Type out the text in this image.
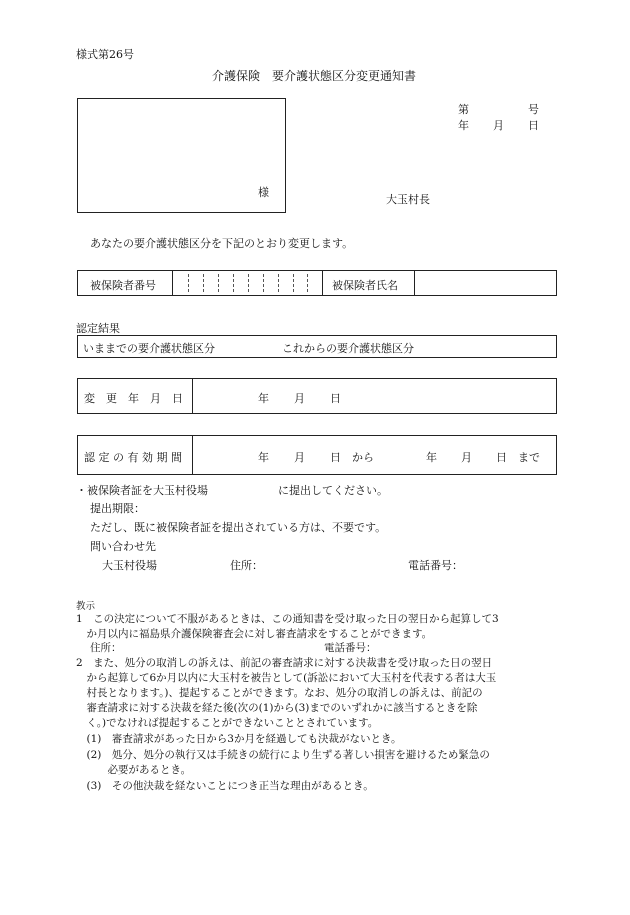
様式第26号
介護保険　要介護状態区分変更通知書
第	号
年 月 日
様
大玉村長
あなたの要介護状態区分を下記のとおり変更します。
被保険者番号	被保険者氏名
認定結果
いままでの要介護状態区分	これからの要介護状態区分
変　更　年　月　日	年 月 日
認 定 の 有 効 期 間	年 月 日　から	年 月 日　まで
・被保険者証を大玉村役場	に提出してください。
提出期限：
ただし、既に被保険者証を提出されている方は、不要です。
問い合わせ先
大玉村役場	住所：	電話番号：
教示
1　この決定について不服があるときは、この通知書を受け取った日の翌日から起算して3
　か月以内に福島県介護保険審査会に対し審査請求をすることができます。
住所：	電話番号：
2　また、処分の取消しの訴えは、前記の審査請求に対する決裁書を受け取った日の翌日
　から起算して6か月以内に大玉村を被告として(訴訟において大玉村を代表する者は大玉
　村長となります。)、提起することができます。なお、処分の取消しの訴えは、前記の
　審査請求に対する決裁を経た後(次の(1)から(3)までのいずれかに該当するときを除
　く。)でなければ提起することができないこととされています。
　(1)　審査請求があった日から3か月を経過しても決裁がないとき。
　(2)　処分、処分の執行又は手続きの続行により生ずる著しい損害を避けるため緊急の
　　　必要があるとき。
　(3)　その他決裁を経ないことにつき正当な理由があるとき。
